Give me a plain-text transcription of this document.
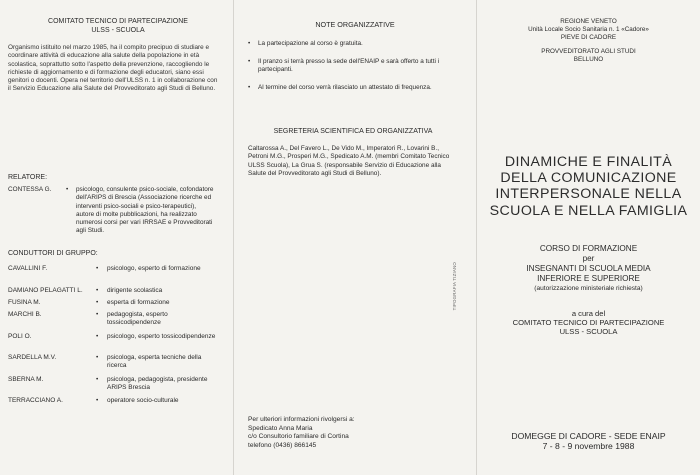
COMITATO TECNICO DI PARTECIPAZIONE
ULSS - SCUOLA
Organismo istituito nel marzo 1985, ha il compito precipuo di studiare e coordinare attività di educazione alla salute della popolazione in età scolastica, soprattutto sotto l'aspetto della prevenzione, raccogliendo le richieste di aggiornamento e di formazione degli educatori, siano essi genitori o docenti. Opera nel territorio dell'ULSS n. 1 in collaborazione con il Servizio Educazione alla Salute del Provveditorato agli Studi di Belluno.
RELATORE:
CONTESSA G.	• psicologo, consulente psico-sociale, cofondatore dell'ARIPS di Brescia (Associazione ricerche ed interventi psico-sociali e psico-terapeutici), autore di molte pubblicazioni, ha realizzato numerosi corsi per vari IRRSAE e Provveditorati agli Studi.
CONDUTTORI DI GRUPPO:
CAVALLINI F.	• psicologo, esperto di formazione
DAMIANO PELAGATTI L.	• dirigente scolastica
FUSINA M.	• esperta di formazione
MARCHI B.	• pedagogista, esperto tossicodipendenze
POLI O.	• psicologo, esperto tossicodipendenze
SARDELLA M.V.	• psicologa, esperta tecniche della ricerca
SBERNA M.	• psicologa, pedagogista, presidente ARIPS Brescia
TERRACCIANO A.	• operatore socio-culturale
NOTE ORGANIZZATIVE
• La partecipazione al corso è gratuita.
• Il pranzo si terrà presso la sede dell'ENAIP e sarà offerto a tutti i partecipanti.
• Al termine del corso verrà rilasciato un attestato di frequenza.
SEGRETERIA SCIENTIFICA ED ORGANIZZATIVA
Caltarossa A., Del Favero L., De Vido M., Imperatori R., Lovarini B., Petroni M.G., Prosperi M.G., Spedicato A.M. (membri Comitato Tecnico ULSS Scuola), La Grua S. (responsabile Servizio di Educazione alla Salute del Provveditorato agli Studi di Belluno).
TIPOGRAFIA TIZIANO
Per ulteriori informazioni rivolgersi a:
Spedicato Anna Maria
c/o Consultorio familiare di Cortina
telefono (0436) 866145
REGIONE VENETO
Unità Locale Socio Sanitaria n. 1 «Cadore»
PIEVE DI CADORE
PROVVEDITORATO AGLI STUDI
BELLUNO
DINAMICHE E FINALITÀ
DELLA COMUNICAZIONE
INTERPERSONALE NELLA
SCUOLA E NELLA FAMIGLIA
CORSO DI FORMAZIONE
per
INSEGNANTI DI SCUOLA MEDIA
INFERIORE E SUPERIORE
(autorizzazione ministeriale richiesta)
a cura del
COMITATO TECNICO DI PARTECIPAZIONE
ULSS - SCUOLA
DOMEGGE DI CADORE - SEDE ENAIP
7 - 8 - 9 novembre 1988
